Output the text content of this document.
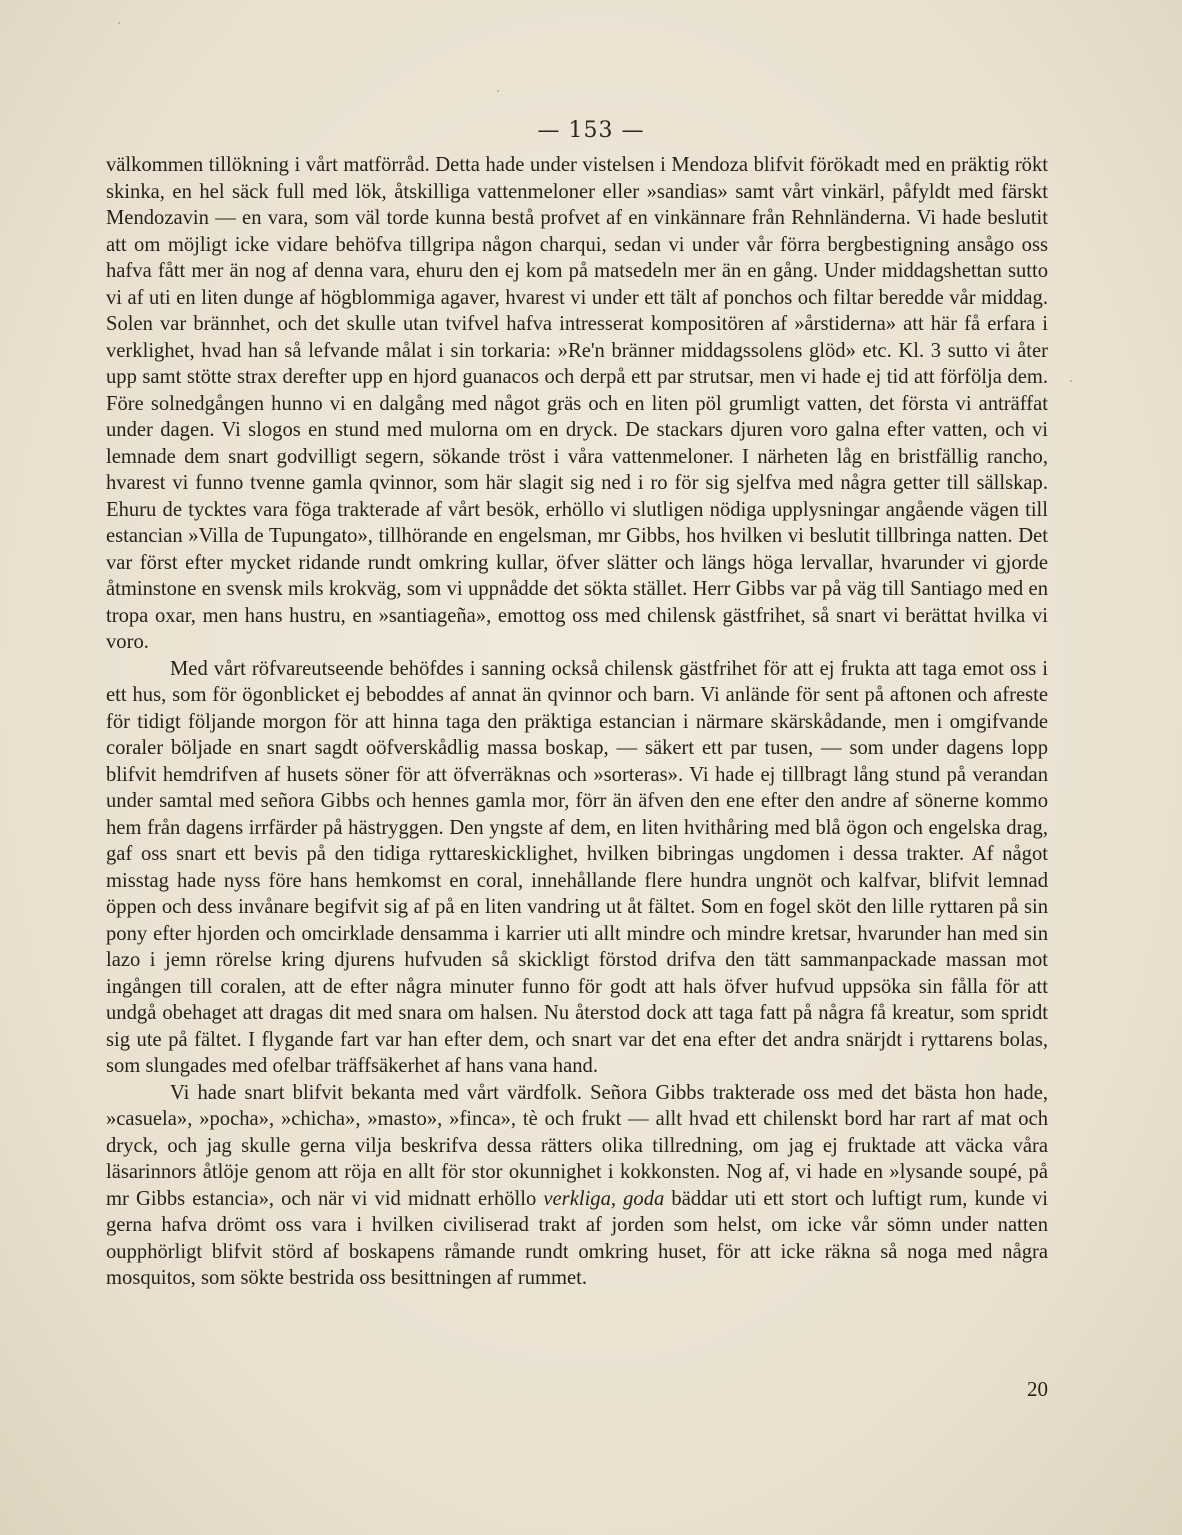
— 153 —

välkommen tillökning i vårt matförråd. Detta hade under vistelsen i Mendoza blifvit förökadt med en präktig rökt skinka, en hel säck full med lök, åtskilliga vattenmeloner eller »sandias» samt vårt vinkärl, påfyldt med färskt Mendozavin — en vara, som väl torde kunna bestå profvet af en vinkännare från Rehnländerna. Vi hade beslutit att om möjligt icke vidare behöfva tillgripa någon charqui, sedan vi under vår förra bergbestigning ansågo oss hafva fått mer än nog af denna vara, ehuru den ej kom på matsedeln mer än en gång. Under middagshettan sutto vi af uti en liten dunge af högblommiga agaver, hvarest vi under ett tält af ponchos och filtar beredde vår middag. Solen var brännhet, och det skulle utan tvifvel hafva intresserat kompositören af »årstiderna» att här få erfara i verklighet, hvad han så lefvande målat i sin torkaria: »Re'n bränner middagssolens glöd» etc. Kl. 3 sutto vi åter upp samt stötte strax derefter upp en hjord guanacos och derpå ett par strutsar, men vi hade ej tid att förfölja dem. Före solnedgången hunno vi en dalgång med något gräs och en liten pöl grumligt vatten, det första vi anträffat under dagen. Vi slogos en stund med mulorna om en dryck. De stackars djuren voro galna efter vatten, och vi lemnade dem snart godvilligt segern, sökande tröst i våra vattenmeloner. I närheten låg en bristfällig rancho, hvarest vi funno tvenne gamla qvinnor, som här slagit sig ned i ro för sig sjelfva med några getter till sällskap. Ehuru de tycktes vara föga trakterade af vårt besök, erhöllo vi slutligen nödiga upplysningar angående vägen till estancian »Villa de Tupungato», tillhörande en engelsman, mr Gibbs, hos hvilken vi beslutit tillbringa natten. Det var först efter mycket ridande rundt omkring kullar, öfver slätter och längs höga lervallar, hvarunder vi gjorde åtminstone en svensk mils krokväg, som vi uppnådde det sökta stället. Herr Gibbs var på väg till Santiago med en tropa oxar, men hans hustru, en »santiageña», emottog oss med chilensk gästfrihet, så snart vi berättat hvilka vi voro.

Med vårt röfvareutseende behöfdes i sanning också chilensk gästfrihet för att ej frukta att taga emot oss i ett hus, som för ögonblicket ej beboddes af annat än qvinnor och barn. Vi anlände för sent på aftonen och afreste för tidigt följande morgon för att hinna taga den präktiga estancian i närmare skärskådande, men i omgifvande coraler böljade en snart sagdt oöfverskådlig massa boskap, — säkert ett par tusen, — som under dagens lopp blifvit hemdrifven af husets söner för att öfverräknas och »sorteras». Vi hade ej tillbragt lång stund på verandan under samtal med señora Gibbs och hennes gamla mor, förr än äfven den ene efter den andre af sönerne kommo hem från dagens irrfärder på hästryggen. Den yngste af dem, en liten hvithåring med blå ögon och engelska drag, gaf oss snart ett bevis på den tidiga ryttareskicklighet, hvilken bibringas ungdomen i dessa trakter. Af något misstag hade nyss före hans hemkomst en coral, innehållande flere hundra ungnöt och kalfvar, blifvit lemnad öppen och dess invånare begifvit sig af på en liten vandring ut åt fältet. Som en fogel sköt den lille ryttaren på sin pony efter hjorden och omcirklade densamma i karrier uti allt mindre och mindre kretsar, hvarunder han med sin lazo i jemn rörelse kring djurens hufvuden så skickligt förstod drifva den tätt sammanpackade massan mot ingången till coralen, att de efter några minuter funno för godt att hals öfver hufvud uppsöka sin fålla för att undgå obehaget att dragas dit med snara om halsen. Nu återstod dock att taga fatt på några få kreatur, som spridt sig ute på fältet. I flygande fart var han efter dem, och snart var det ena efter det andra snärjdt i ryttarens bolas, som slungades med ofelbar träffsäkerhet af hans vana hand.

Vi hade snart blifvit bekanta med vårt värdfolk. Señora Gibbs trakterade oss med det bästa hon hade, »casuela», »pocha», »chicha», »masto», »finca», tè och frukt — allt hvad ett chilenskt bord har rart af mat och dryck, och jag skulle gerna vilja beskrifva dessa rätters olika tillredning, om jag ej fruktade att väcka våra läsarinnors åtlöje genom att röja en allt för stor okunnighet i kokkonsten. Nog af, vi hade en »lysande soupé, på mr Gibbs estancia», och när vi vid midnatt erhöllo verkliga, goda bäddar uti ett stort och luftigt rum, kunde vi gerna hafva drömt oss vara i hvilken civiliserad trakt af jorden som helst, om icke vår sömn under natten oupphörligt blifvit störd af boskapens råmande rundt omkring huset, för att icke räkna så noga med några mosquitos, som sökte bestrida oss besittningen af rummet.

20
